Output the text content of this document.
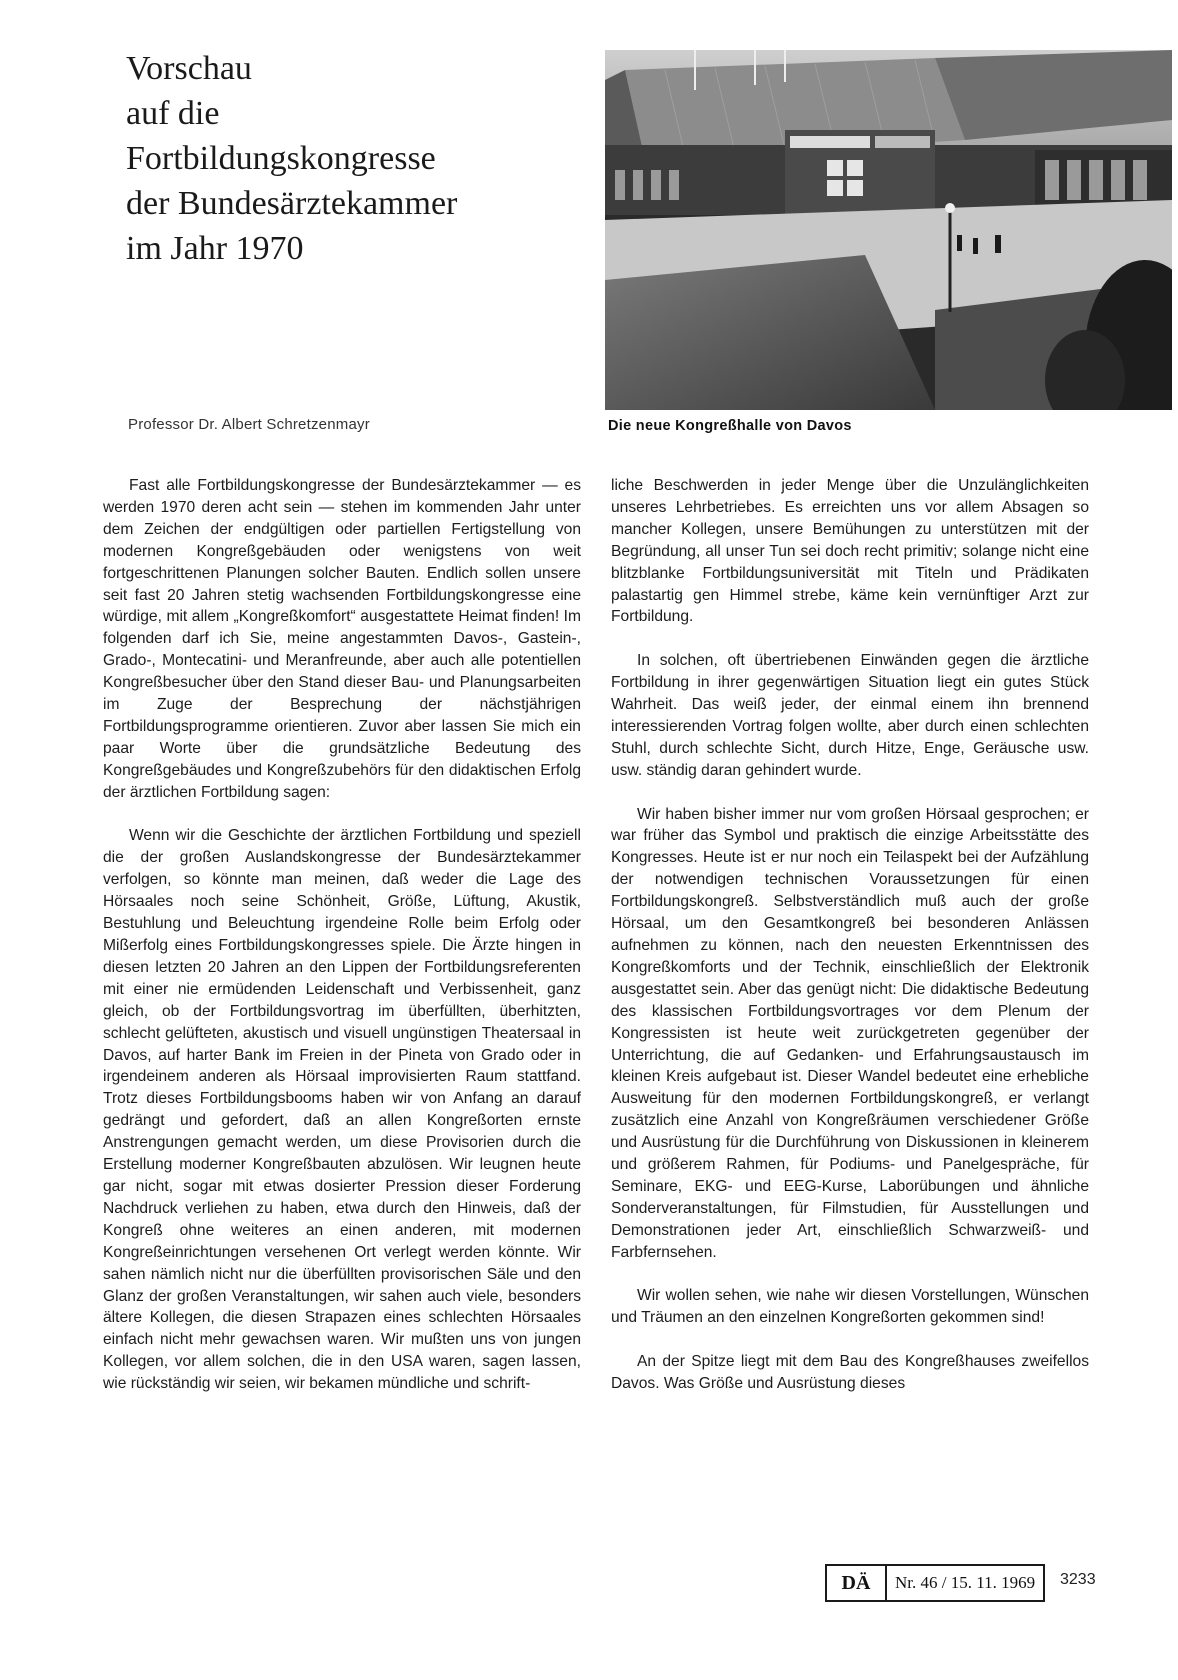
Vorschau
auf die
Fortbildungskongresse
der Bundesärztekammer
im Jahr 1970
Professor Dr. Albert Schretzenmayr	Die neue Kongreßhalle von Davos

Fast alle Fortbildungskongresse der Bundesärztekammer — es werden 1970 deren acht sein — stehen im kommenden Jahr unter dem Zeichen der endgültigen oder partiellen Fertigstellung von modernen Kongreßgebäuden oder wenigstens von weit fortgeschrittenen Planungen solcher Bauten. Endlich sollen unsere seit fast 20 Jahren stetig wachsenden Fortbildungskongresse eine würdige, mit allem „Kongreßkomfort“ ausgestattete Heimat finden! Im folgenden darf ich Sie, meine angestammten Davos-, Gastein-, Grado-, Montecatini- und Meranfreunde, aber auch alle potentiellen Kongreßbesucher über den Stand dieser Bau- und Planungsarbeiten im Zuge der Besprechung der nächstjährigen Fortbildungsprogramme orientieren. Zuvor aber lassen Sie mich ein paar Worte über die grundsätzliche Bedeutung des Kongreßgebäudes und Kongreßzubehörs für den didaktischen Erfolg der ärztlichen Fortbildung sagen:

Wenn wir die Geschichte der ärztlichen Fortbildung und speziell die der großen Auslandskongresse der Bundesärztekammer verfolgen, so könnte man meinen, daß weder die Lage des Hörsaales noch seine Schönheit, Größe, Lüftung, Akustik, Bestuhlung und Beleuchtung irgendeine Rolle beim Erfolg oder Mißerfolg eines Fortbildungskongresses spiele. Die Ärzte hingen in diesen letzten 20 Jahren an den Lippen der Fortbildungsreferenten mit einer nie ermüdenden Leidenschaft und Verbissenheit, ganz gleich, ob der Fortbildungsvortrag im überfüllten, überhitzten, schlecht gelüfteten, akustisch und visuell ungünstigen Theatersaal in Davos, auf harter Bank im Freien in der Pineta von Grado oder in irgendeinem anderen als Hörsaal improvisierten Raum stattfand. Trotz dieses Fortbildungsbooms haben wir von Anfang an darauf gedrängt und gefordert, daß an allen Kongreßorten ernste Anstrengungen gemacht werden, um diese Provisorien durch die Erstellung moderner Kongreßbauten abzulösen. Wir leugnen heute gar nicht, sogar mit etwas dosierter Pression dieser Forderung Nachdruck verliehen zu haben, etwa durch den Hinweis, daß der Kongreß ohne weiteres an einen anderen, mit modernen Kongreßeinrichtungen versehenen Ort verlegt werden könnte. Wir sahen nämlich nicht nur die überfüllten provisorischen Säle und den Glanz der großen Veranstaltungen, wir sahen auch viele, besonders ältere Kollegen, die diesen Strapazen eines schlechten Hörsaales einfach nicht mehr gewachsen waren. Wir mußten uns von jungen Kollegen, vor allem solchen, die in den USA waren, sagen lassen, wie rückständig wir seien, wir bekamen mündliche und schrift-

liche Beschwerden in jeder Menge über die Unzulänglichkeiten unseres Lehrbetriebes. Es erreichten uns vor allem Absagen so mancher Kollegen, unsere Bemühungen zu unterstützen mit der Begründung, all unser Tun sei doch recht primitiv; solange nicht eine blitzblanke Fortbildungsuniversität mit Titeln und Prädikaten palastartig gen Himmel strebe, käme kein vernünftiger Arzt zur Fortbildung.

In solchen, oft übertriebenen Einwänden gegen die ärztliche Fortbildung in ihrer gegenwärtigen Situation liegt ein gutes Stück Wahrheit. Das weiß jeder, der einmal einem ihn brennend interessierenden Vortrag folgen wollte, aber durch einen schlechten Stuhl, durch schlechte Sicht, durch Hitze, Enge, Geräusche usw. usw. ständig daran gehindert wurde.

Wir haben bisher immer nur vom großen Hörsaal gesprochen; er war früher das Symbol und praktisch die einzige Arbeitsstätte des Kongresses. Heute ist er nur noch ein Teilaspekt bei der Aufzählung der notwendigen technischen Voraussetzungen für einen Fortbildungskongreß. Selbstverständlich muß auch der große Hörsaal, um den Gesamtkongreß bei besonderen Anlässen aufnehmen zu können, nach den neuesten Erkenntnissen des Kongreßkomforts und der Technik, einschließlich der Elektronik ausgestattet sein. Aber das genügt nicht: Die didaktische Bedeutung des klassischen Fortbildungsvortrages vor dem Plenum der Kongressisten ist heute weit zurückgetreten gegenüber der Unterrichtung, die auf Gedanken- und Erfahrungsaustausch im kleinen Kreis aufgebaut ist. Dieser Wandel bedeutet eine erhebliche Ausweitung für den modernen Fortbildungskongreß, er verlangt zusätzlich eine Anzahl von Kongreßräumen verschiedener Größe und Ausrüstung für die Durchführung von Diskussionen in kleinerem und größerem Rahmen, für Podiums- und Panelgespräche, für Seminare, EKG- und EEG-Kurse, Laborübungen und ähnliche Sonderveranstaltungen, für Filmstudien, für Ausstellungen und Demonstrationen jeder Art, einschließlich Schwarzweiß- und Farbfernsehen.

Wir wollen sehen, wie nahe wir diesen Vorstellungen, Wünschen und Träumen an den einzelnen Kongreßorten gekommen sind!

An der Spitze liegt mit dem Bau des Kongreßhauses zweifellos Davos. Was Größe und Ausrüstung dieses

DÄ	Nr. 46 / 15. 11. 1969	3233
